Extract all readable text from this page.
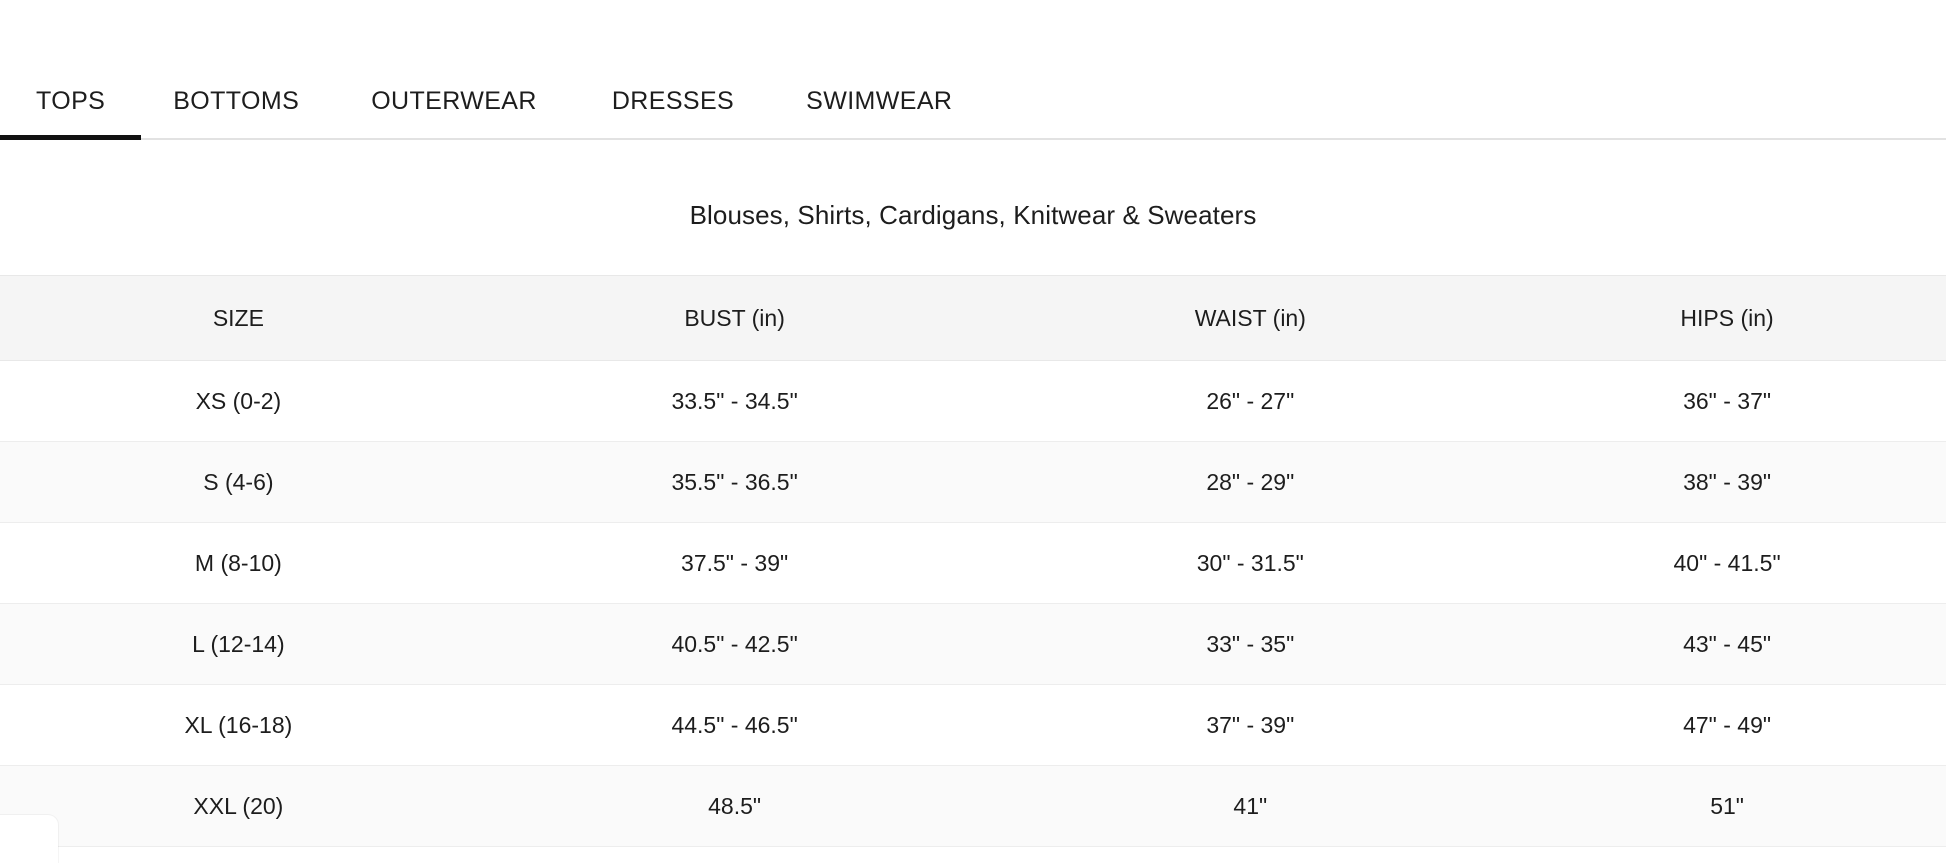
TOPS	BOTTOMS	OUTERWEAR	DRESSES	SWIMWEAR
Blouses, Shirts, Cardigans, Knitwear & Sweaters
SIZE	BUST (in)	WAIST (in)	HIPS (in)
XS (0-2)	33.5" - 34.5"	26" - 27"	36" - 37"
S (4-6)	35.5" - 36.5"	28" - 29"	38" - 39"
M (8-10)	37.5" - 39"	30" - 31.5"	40" - 41.5"
L (12-14)	40.5" - 42.5"	33" - 35"	43" - 45"
XL (16-18)	44.5" - 46.5"	37" - 39"	47" - 49"
XXL (20)	48.5"	41"	51"
